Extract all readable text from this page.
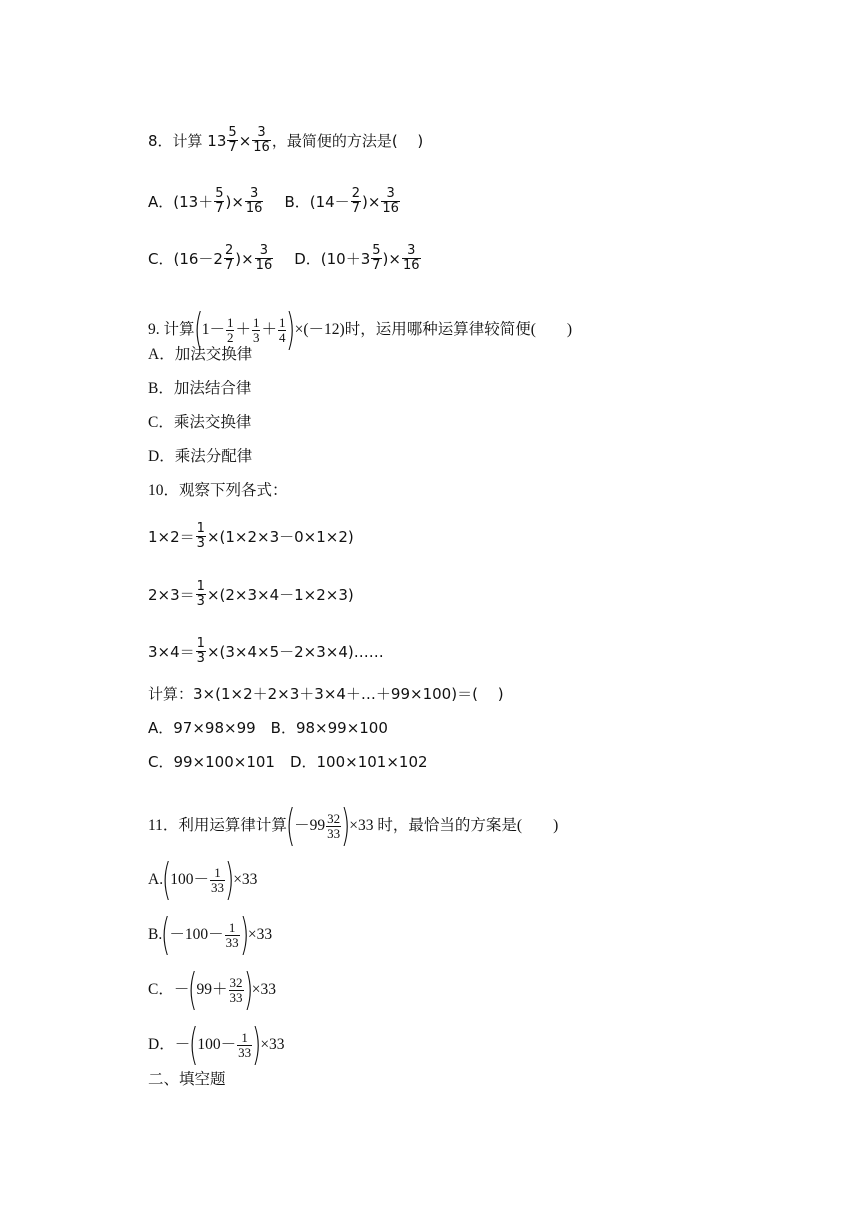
8．计算 $13 \frac{5}{7} \times \frac{3}{16}$ ，最简便的方法是(　 )
A．($13+ \frac{5}{7}$ )× $\frac{3}{16}$ B．($14- \frac{2}{7}$ )× $\frac{3}{16}$
C．($16-2 \frac{2}{7}$ )× $\frac{3}{16}$ D．($10+3 \frac{5}{7}$ )× $\frac{3}{16}$
9. 计算
(
$1- \frac{1}{2} + \frac{1}{3} + \frac{1}{4}$ )
×(－12)时，运用哪种运算律较简便(　　)
A．加法交换律
B．加法结合律
C．乘法交换律
D．乘法分配律
10．观察下列各式：
$1\times 2= \frac{1}{3} \times(1\times 2\times 3-0\times 1\times 2)$
$2\times 3= \frac{1}{3} \times(2\times 3\times 4-1\times 2\times 3)$
$3\times 4= \frac{1}{3}$ ×(3×4×5－2×3×4)……
计算：3×(1×2＋2×3＋3×4＋…＋99×100)＝(　 )
A．97×98×99　B．98×99×100
C．99×100×101　D．100×101×102
11．利用运算律计算
(
$-99 \frac{32}{33}$ )
×33 时，最恰当的方案是(　　)
A.
(
$100- \frac{1}{33}$ )
×33
B.
(
$-100- \frac{1}{33}$ )
×33
C．－
(
$99+ \frac{32}{33}$ )
×33
D．－
(
$100- \frac{1}{33}$ )
×33
二、填空题
